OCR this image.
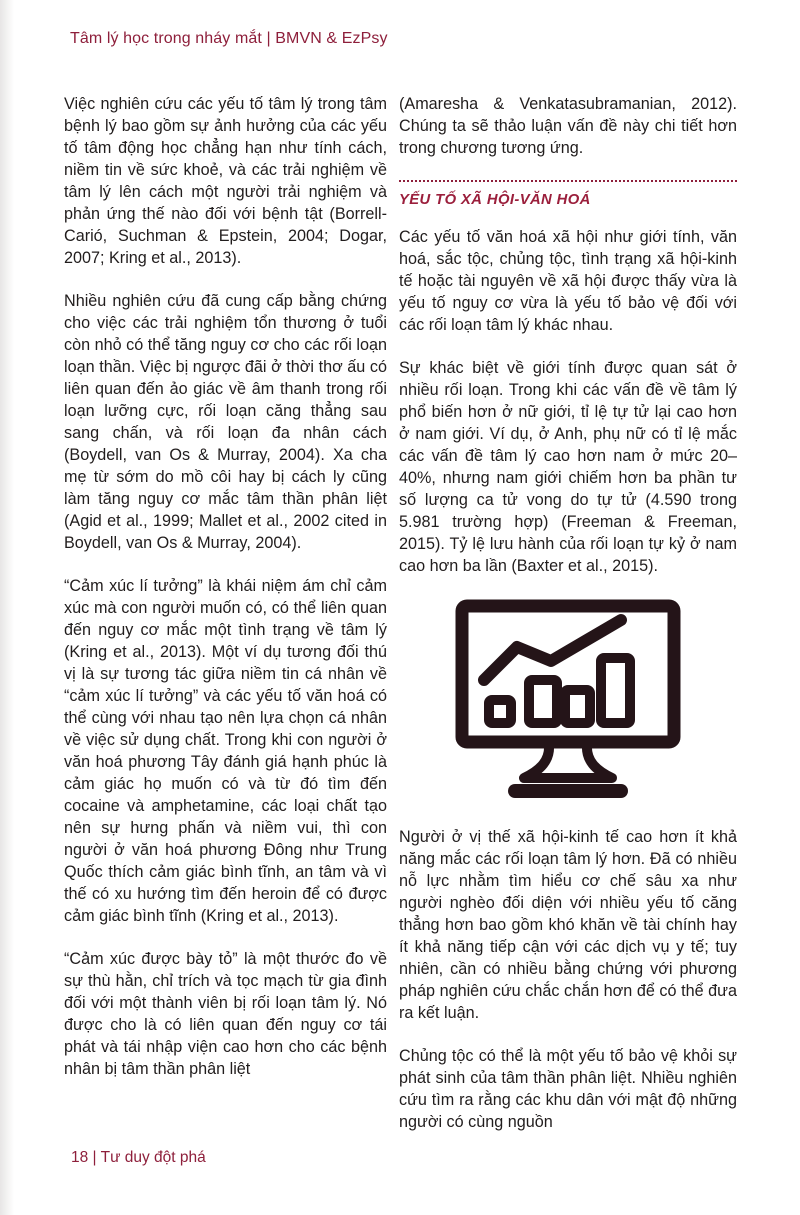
Tâm lý học trong nháy mắt | BMVN & EzPsy

Việc nghiên cứu các yếu tố tâm lý trong tâm bệnh lý bao gồm sự ảnh hưởng của các yếu tố tâm động học chẳng hạn như tính cách, niềm tin về sức khoẻ, và các trải nghiệm về tâm lý lên cách một người trải nghiệm và phản ứng thế nào đối với bệnh tật (Borrell-Carió, Suchman & Epstein, 2004; Dogar, 2007; Kring et al., 2013).

Nhiều nghiên cứu đã cung cấp bằng chứng cho việc các trải nghiệm tổn thương ở tuổi còn nhỏ có thể tăng nguy cơ cho các rối loạn loạn thần. Việc bị ngược đãi ở thời thơ ấu có liên quan đến ảo giác về âm thanh trong rối loạn lưỡng cực, rối loạn căng thẳng sau sang chấn, và rối loạn đa nhân cách (Boydell, van Os & Murray, 2004). Xa cha mẹ từ sớm do mồ côi hay bị cách ly cũng làm tăng nguy cơ mắc tâm thần phân liệt (Agid et al., 1999; Mallet et al., 2002 cited in Boydell, van Os & Murray, 2004).

“Cảm xúc lí tưởng” là khái niệm ám chỉ cảm xúc mà con người muốn có, có thể liên quan đến nguy cơ mắc một tình trạng về tâm lý (Kring et al., 2013). Một ví dụ tương đối thú vị là sự tương tác giữa niềm tin cá nhân về “cảm xúc lí tưởng” và các yếu tố văn hoá có thể cùng với nhau tạo nên lựa chọn cá nhân về việc sử dụng chất. Trong khi con người ở văn hoá phương Tây đánh giá hạnh phúc là cảm giác họ muốn có và từ đó tìm đến cocaine và amphetamine, các loại chất tạo nên sự hưng phấn và niềm vui, thì con người ở văn hoá phương Đông như Trung Quốc thích cảm giác bình tĩnh, an tâm và vì thế có xu hướng tìm đến heroin để có được cảm giác bình tĩnh (Kring et al., 2013).

“Cảm xúc được bày tỏ” là một thước đo về sự thù hằn, chỉ trích và tọc mạch từ gia đình đối với một thành viên bị rối loạn tâm lý. Nó được cho là có liên quan đến nguy cơ tái phát và tái nhập viện cao hơn cho các bệnh nhân bị tâm thần phân liệt

(Amaresha & Venkatasubramanian, 2012). Chúng ta sẽ thảo luận vấn đề này chi tiết hơn trong chương tương ứng.

YẾU TỐ XÃ HỘI-VĂN HOÁ

Các yếu tố văn hoá xã hội như giới tính, văn hoá, sắc tộc, chủng tộc, tình trạng xã hội-kinh tế hoặc tài nguyên về xã hội được thấy vừa là yếu tố nguy cơ vừa là yếu tố bảo vệ đối với các rối loạn tâm lý khác nhau.

Sự khác biệt về giới tính được quan sát ở nhiều rối loạn. Trong khi các vấn đề về tâm lý phổ biến hơn ở nữ giới, tỉ lệ tự tử lại cao hơn ở nam giới. Ví dụ, ở Anh, phụ nữ có tỉ lệ mắc các vấn đề tâm lý cao hơn nam ở mức 20–40%, nhưng nam giới chiếm hơn ba phần tư số lượng ca tử vong do tự tử (4.590 trong 5.981 trường hợp) (Freeman & Freeman, 2015). Tỷ lệ lưu hành của rối loạn tự kỷ ở nam cao hơn ba lần (Baxter et al., 2015).

Người ở vị thế xã hội-kinh tế cao hơn ít khả năng mắc các rối loạn tâm lý hơn. Đã có nhiều nỗ lực nhằm tìm hiểu cơ chế sâu xa như người nghèo đối diện với nhiều yếu tố căng thẳng hơn bao gồm khó khăn về tài chính hay ít khả năng tiếp cận với các dịch vụ y tế; tuy nhiên, cần có nhiều bằng chứng với phương pháp nghiên cứu chắc chắn hơn để có thể đưa ra kết luận.

Chủng tộc có thể là một yếu tố bảo vệ khỏi sự phát sinh của tâm thần phân liệt. Nhiều nghiên cứu tìm ra rằng các khu dân với mật độ những người có cùng nguồn

18 | Tư duy đột phá
